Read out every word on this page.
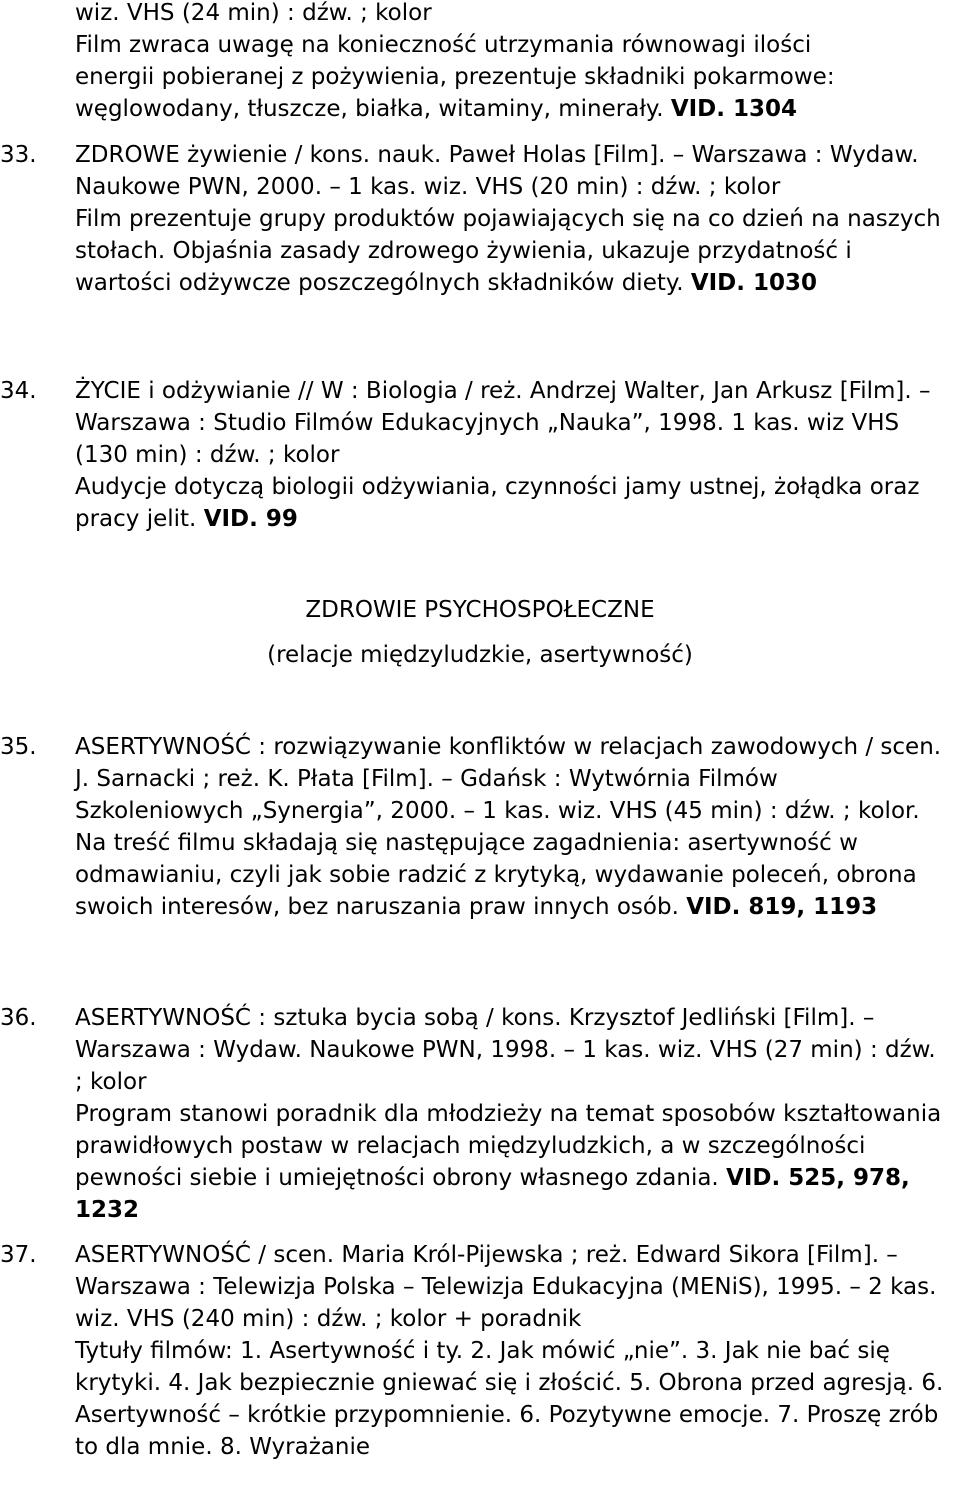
wiz. VHS (24 min) : dźw. ; kolor
Film zwraca uwagę na konieczność utrzymania równowagi ilości
energii pobieranej z pożywienia, prezentuje składniki pokarmowe:
węglowodany, tłuszcze, białka, witaminy, minerały. VID. 1304
33.	ZDROWE żywienie / kons. nauk. Paweł Holas [Film]. – Warszawa : Wydaw. Naukowe PWN, 2000. – 1 kas. wiz. VHS (20 min) : dźw. ; kolor

Film prezentuje grupy produktów pojawiających się na co dzień na naszych stołach. Objaśnia zasady zdrowego żywienia, ukazuje przydatność i wartości odżywcze poszczególnych składników diety. VID. 1030

34.	ŻYCIE i odżywianie // W : Biologia / reż. Andrzej Walter, Jan Arkusz [Film]. – Warszawa : Studio Filmów Edukacyjnych „Nauka”, 1998. 1 kas. wiz VHS (130 min) : dźw. ; kolor

Audycje dotyczą biologii odżywiania, czynności jamy ustnej, żołądka oraz pracy jelit. VID. 99

ZDROWIE PSYCHOSPOŁECZNE

(relacje międzyludzkie, asertywność)

35.	ASERTYWNOŚĆ : rozwiązywanie konfliktów w relacjach zawodowych / scen. J. Sarnacki ; reż. K. Płata [Film]. – Gdańsk : Wytwórnia Filmów Szkoleniowych „Synergia”, 2000. – 1 kas. wiz. VHS (45 min) : dźw. ; kolor.

Na treść filmu składają się następujące zagadnienia: asertywność w odmawianiu, czyli jak sobie radzić z krytyką, wydawanie poleceń, obrona swoich interesów, bez naruszania praw innych osób. VID. 819, 1193

36.	ASERTYWNOŚĆ : sztuka bycia sobą / kons. Krzysztof Jedliński [Film]. – Warszawa : Wydaw. Naukowe PWN, 1998. – 1 kas. wiz. VHS (27 min) : dźw. ; kolor

Program stanowi poradnik dla młodzieży na temat sposobów kształtowania prawidłowych postaw w relacjach międzyludzkich, a w szczególności pewności siebie i umiejętności obrony własnego zdania. VID. 525, 978, 1232

37.	ASERTYWNOŚĆ / scen. Maria Król-Pijewska ; reż. Edward Sikora [Film]. – Warszawa : Telewizja Polska – Telewizja Edukacyjna (MENiS), 1995. – 2 kas. wiz. VHS (240 min) : dźw. ; kolor + poradnik

Tytuły filmów: 1. Asertywność i ty. 2. Jak mówić „nie”. 3. Jak nie bać się krytyki. 4. Jak bezpiecznie gniewać się i złościć. 5. Obrona przed agresją. 6. Asertywność – krótkie przypomnienie. 6. Pozytywne emocje. 7. Proszę zrób to dla mnie. 8. Wyrażanie
